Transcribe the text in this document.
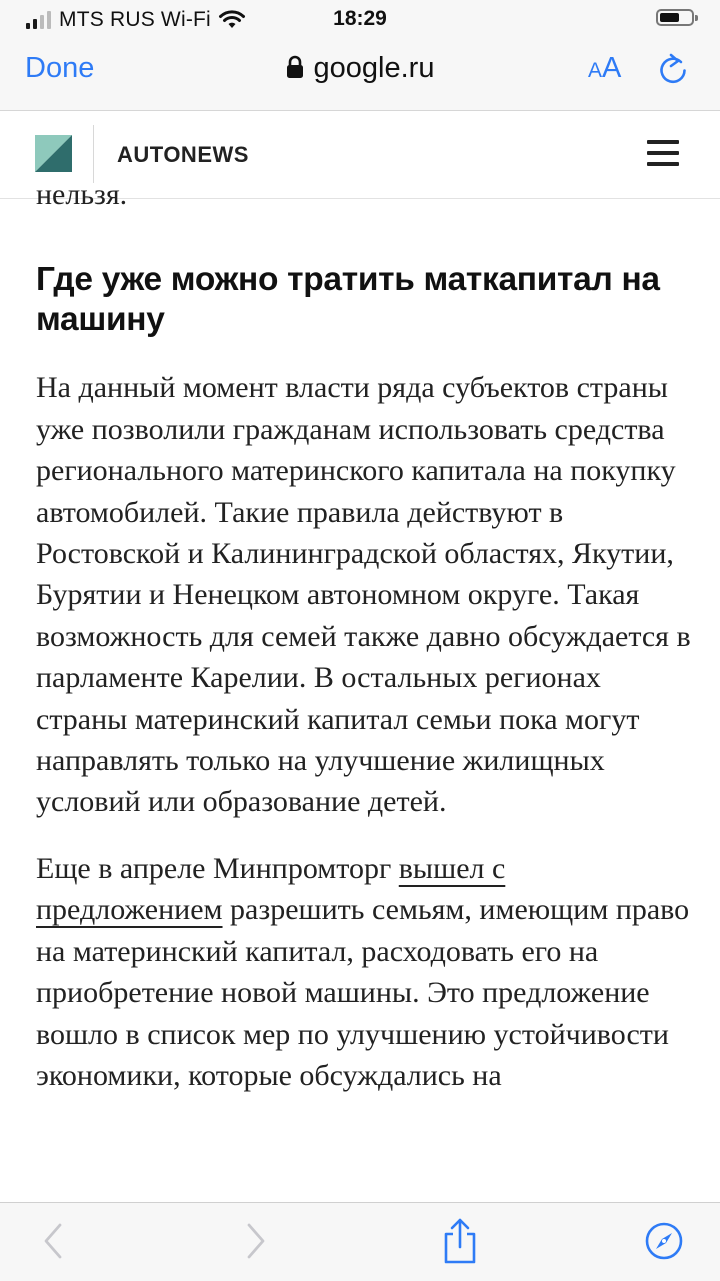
MTS RUS Wi-Fi	18:29
Done	google.ru	AA
AUTONEWS

нельзя.

Где уже можно тратить маткапитал на машину

На данный момент власти ряда субъектов страны уже позволили гражданам использовать средства регионального материнского капитала на покупку автомобилей. Такие правила действуют в Ростовской и Калининградской областях, Якутии, Бурятии и Ненецком автономном округе. Такая возможность для семей также давно обсуждается в парламенте Карелии. В остальных регионах страны материнский капитал семьи пока могут направлять только на улучшение жилищных условий или образование детей.

Еще в апреле Минпромторг вышел с предложением разрешить семьям, имеющим право на материнский капитал, расходовать его на приобретение новой машины. Это предложение вошло в список мер по улучшению устойчивости экономики, которые обсуждались на
